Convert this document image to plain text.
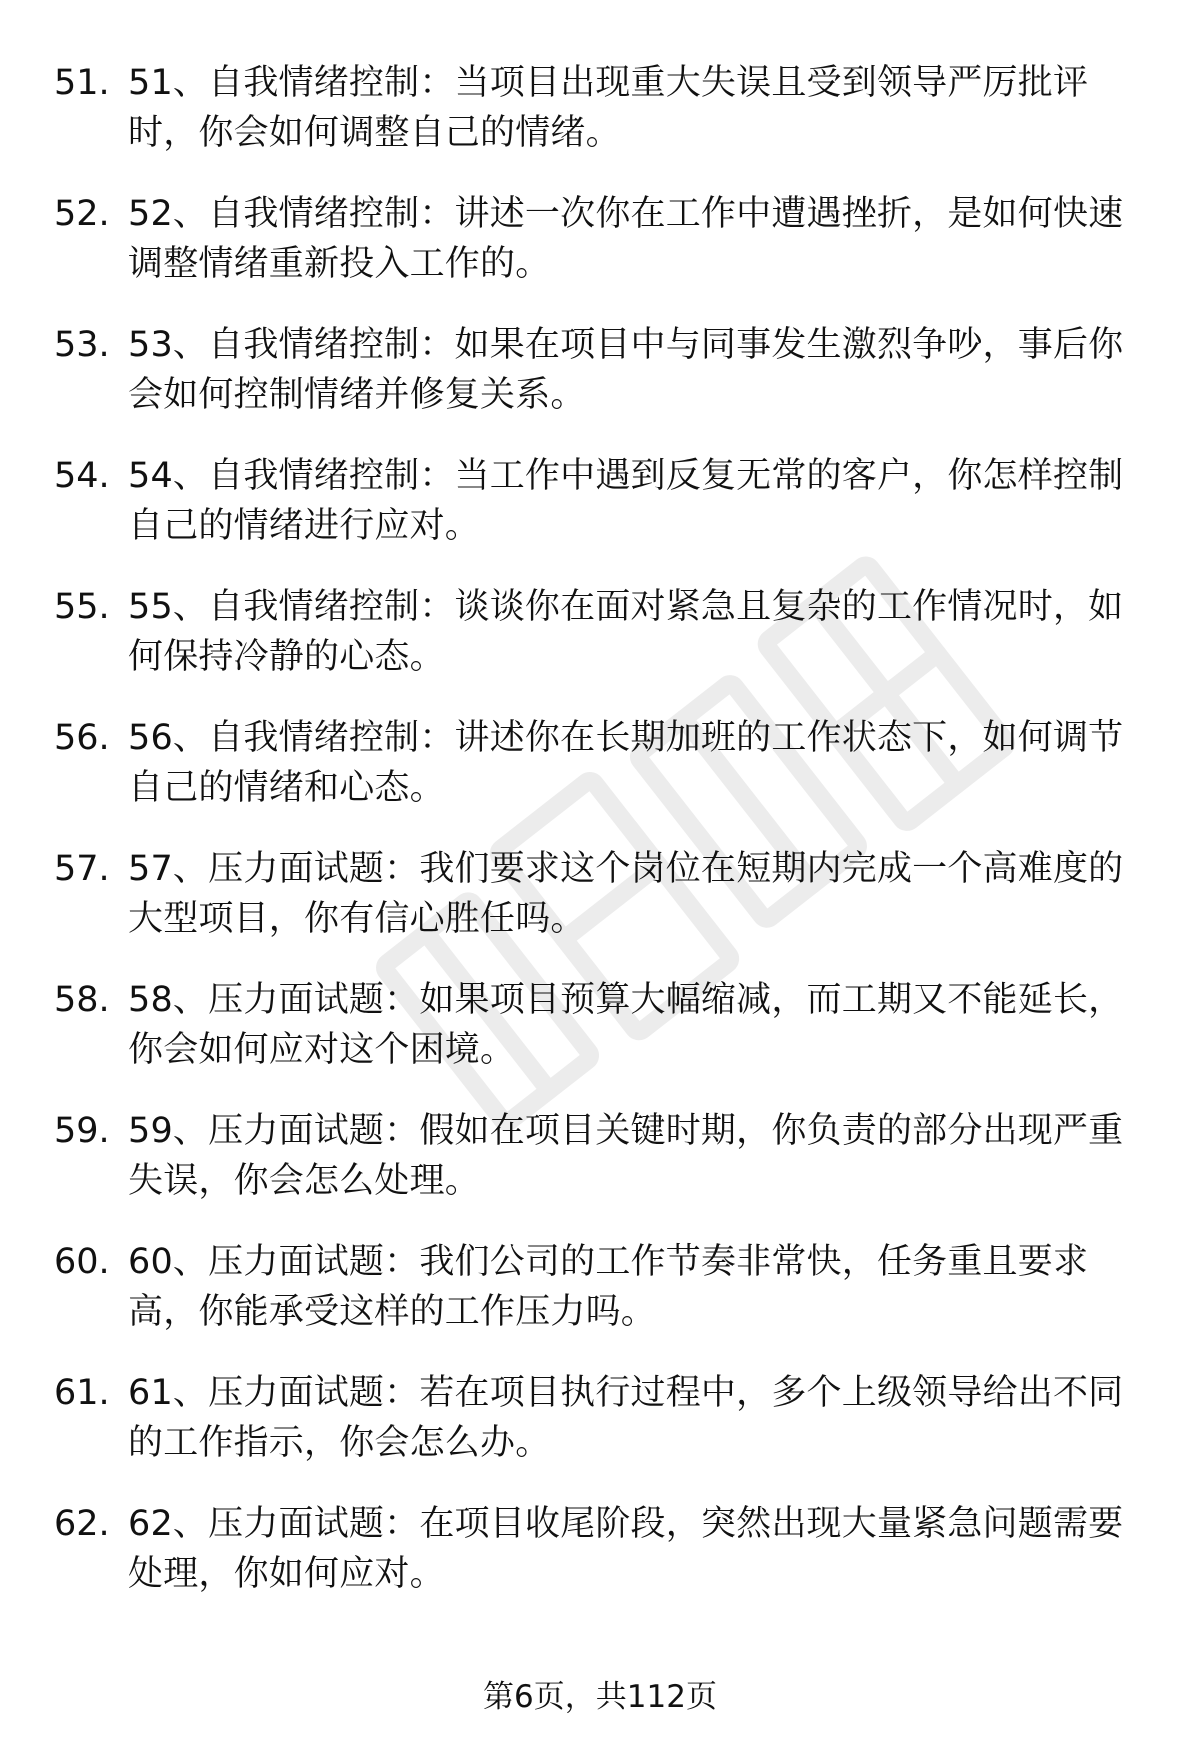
51. 51、自我情绪控制：当项目出现重大失误且受到领导严厉批评时，你会如何调整自己的情绪。
52. 52、自我情绪控制：讲述一次你在工作中遭遇挫折，是如何快速调整情绪重新投入工作的。
53. 53、自我情绪控制：如果在项目中与同事发生激烈争吵，事后你会如何控制情绪并修复关系。
54. 54、自我情绪控制：当工作中遇到反复无常的客户，你怎样控制自己的情绪进行应对。
55. 55、自我情绪控制：谈谈你在面对紧急且复杂的工作情况时，如何保持冷静的心态。
56. 56、自我情绪控制：讲述你在长期加班的工作状态下，如何调节自己的情绪和心态。
57. 57、压力面试题：我们要求这个岗位在短期内完成一个高难度的大型项目，你有信心胜任吗。
58. 58、压力面试题：如果项目预算大幅缩减，而工期又不能延长，你会如何应对这个困境。
59. 59、压力面试题：假如在项目关键时期，你负责的部分出现严重失误，你会怎么处理。
60. 60、压力面试题：我们公司的工作节奏非常快，任务重且要求高，你能承受这样的工作压力吗。
61. 61、压力面试题：若在项目执行过程中，多个上级领导给出不同的工作指示，你会怎么办。
62. 62、压力面试题：在项目收尾阶段，突然出现大量紧急问题需要处理，你如何应对。
第6页，共112页
